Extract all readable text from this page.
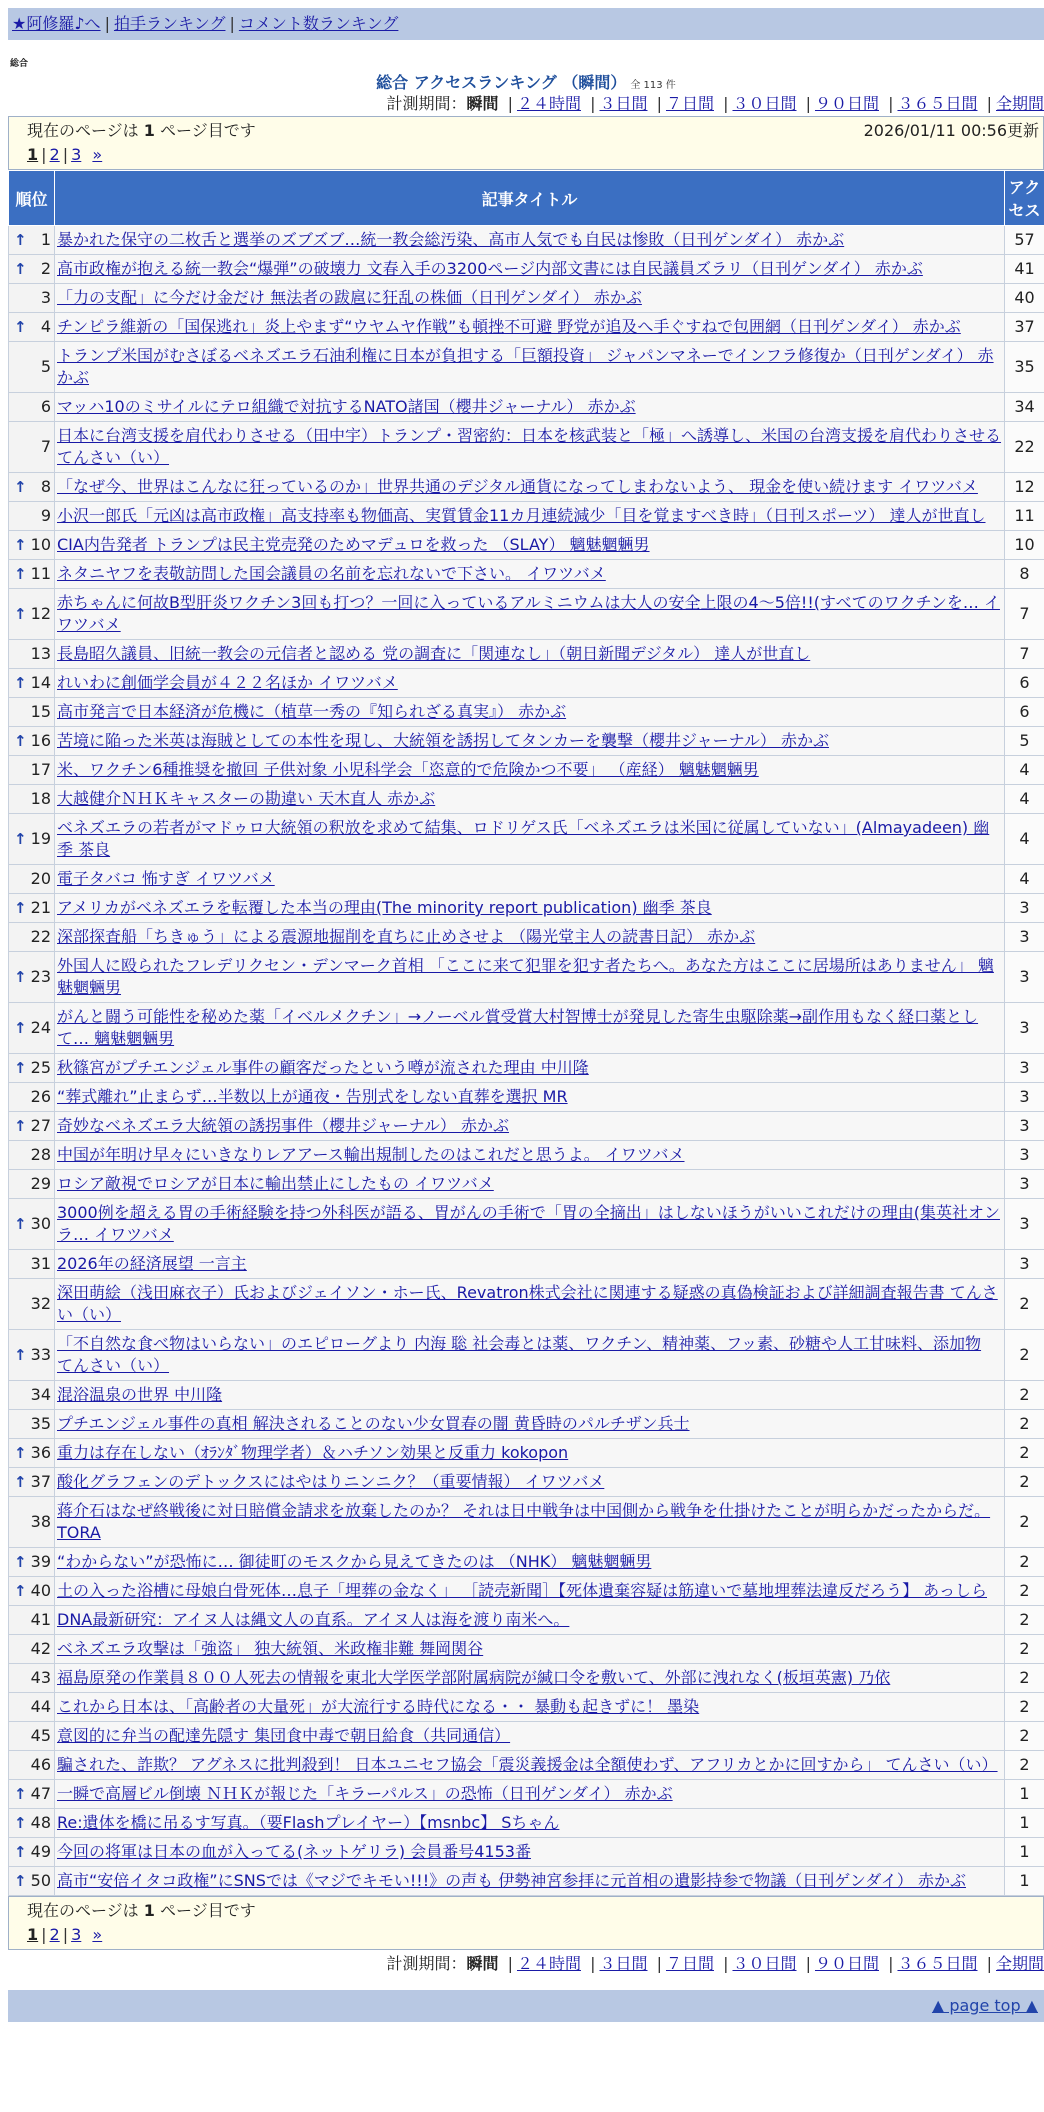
★阿修羅♪へ | 拍手ランキング | コメント数ランキング
総合
総合 アクセスランキング （瞬間） 全 113 件
計測期間：瞬間 | ２４時間 | ３日間 | ７日間 | ３０日間 | ９０日間 | ３６５日間 | 全期間
現在のページは 1 ページ目です	2026/01/11 00:56更新
1 | 2 | 3 »
順位	記事タイトル	アクセス

↑ 1	暴かれた保守の二枚舌と選挙のズブズブ…統一教会総汚染、高市人気でも自民は惨敗（日刊ゲンダイ） 赤かぶ	57

↑ 2	高市政権が抱える統一教会“爆弾”の破壊力 文春入手の3200ページ内部文書には自民議員ズラリ（日刊ゲンダイ） 赤かぶ	41
3	「力の支配」に今だけ金だけ 無法者の跋扈に狂乱の株価（日刊ゲンダイ） 赤かぶ	40

↑ 4	チンピラ維新の「国保逃れ」炎上やまず“ウヤムヤ作戦”も頓挫不可避 野党が追及へ手ぐすねで包囲網（日刊ゲンダイ） 赤かぶ	37
5	トランプ米国がむさぼるベネズエラ石油利権に日本が負担する「巨額投資」 ジャパンマネーでインフラ修復か（日刊ゲンダイ） 赤かぶ	35
6	マッハ10のミサイルにテロ組織で対抗するNATO諸国（櫻井ジャーナル） 赤かぶ	34
7	日本に台湾支援を肩代わりさせる（田中宇）トランプ・習密約：日本を核武装と「極」へ誘導し、米国の台湾支援を肩代わりさせる てんさい（い）	22

↑ 8	「なぜ今、世界はこんなに狂っているのか」世界共通のデジタル通貨になってしまわないよう、 現金を使い続けます イワツバメ	12
9	小沢一郎氏「元凶は高市政権」高支持率も物価高、実質賃金11カ月連続減少「目を覚ますべき時」（日刊スポーツ） 達人が世直し	11

↑ 10	CIA内告発者 トランプは民主党売発のためマデュロを救った （SLAY） 魑魅魍魎男	10

↑ 11	ネタニヤフを表敬訪問した国会議員の名前を忘れないで下さい。 イワツバメ	8

↑ 12	赤ちゃんに何故B型肝炎ワクチン3回も打つ？一回に入っているアルミニウムは大人の安全上限の4～5倍!!(すべてのワクチンを… イワツバメ	7
13	長島昭久議員、旧統一教会の元信者と認める 党の調査に「関連なし」（朝日新聞デジタル） 達人が世直し	7

↑ 14	れいわに創価学会員が４２２名ほか イワツバメ	6
15	高市発言で日本経済が危機に（植草一秀の『知られざる真実』） 赤かぶ	6

↑ 16	苦境に陥った米英は海賊としての本性を現し、大統領を誘拐してタンカーを襲撃（櫻井ジャーナル） 赤かぶ	5
17	米、ワクチン6種推奨を撤回 子供対象 小児科学会「恣意的で危険かつ不要」 （産経） 魑魅魍魎男	4
18	大越健介ＮＨＫキャスターの勘違い 天木直人 赤かぶ	4

↑ 19	ベネズエラの若者がマドゥロ大統領の釈放を求めて結集、ロドリゲス氏「ベネズエラは米国に従属していない」(Almayadeen) 幽季 茶良	4
20	電子タバコ 怖すぎ イワツバメ	4

↑ 21	アメリカがベネズエラを転覆した本当の理由(The minority report publication) 幽季 茶良	3
22	深部探査船「ちきゅう」による震源地掘削を直ちに止めさせよ （陽光堂主人の読書日記） 赤かぶ	3

↑ 23	外国人に殴られたフレデリクセン・デンマーク首相 「ここに来て犯罪を犯す者たちへ。あなた方はここに居場所はありません」 魑魅魍魎男	3

↑ 24	がんと闘う可能性を秘めた薬「イベルメクチン」→ノーベル賞受賞大村智博士が発見した寄生虫駆除薬→副作用もなく経口薬として… 魑魅魍魎男	3

↑ 25	秋篠宮がプチエンジェル事件の顧客だったという噂が流された理由 中川隆	3
26	“葬式離れ”止まらず…半数以上が通夜・告別式をしない直葬を選択 MR	3

↑ 27	奇妙なベネズエラ大統領の誘拐事件（櫻井ジャーナル） 赤かぶ	3
28	中国が年明け早々にいきなりレアアース輸出規制したのはこれだと思うよ。 イワツバメ	3
29	ロシア敵視でロシアが日本に輸出禁止にしたもの イワツバメ	3

↑ 30	3000例を超える胃の手術経験を持つ外科医が語る、胃がんの手術で「胃の全摘出」はしないほうがいいこれだけの理由(集英社オンラ… イワツバメ	3
31	2026年の経済展望 一言主	3
32	深田萌絵（浅田麻衣子）氏およびジェイソン・ホー氏、Revatron株式会社に関連する疑惑の真偽検証および詳細調査報告書 てんさい（い）	2

↑ 33	「不自然な食べ物はいらない」のエピローグより 内海 聡 社会毒とは薬、ワクチン、精神薬、フッ素、砂糖や人工甘味料、添加物 てんさい（い）	2
34	混浴温泉の世界 中川隆	2
35	プチエンジェル事件の真相 解決されることのない少女買春の闇 黄昏時のパルチザン兵士	2

↑ 36	重力は存在しない（ｵﾗﾝﾀﾞ物理学者）＆ハチソン効果と反重力 kokopon	2

↑ 37	酸化グラフェンのデトックスにはやはりニンニク？（重要情報） イワツバメ	2
38	蒋介石はなぜ終戦後に対日賠償金請求を放棄したのか？ それは日中戦争は中国側から戦争を仕掛けたことが明らかだったからだ。 TORA	2

↑ 39	“わからない”が恐怖に… 御徒町のモスクから見えてきたのは （NHK） 魑魅魍魎男	2

↑ 40	土の入った浴槽に母娘白骨死体…息子「埋葬の金なく」 ［読売新聞］【死体遺棄容疑は筋違いで墓地埋葬法違反だろう】 あっしら	2
41	DNA最新研究：アイヌ人は縄文人の直系。アイヌ人は海を渡り南米へ。	2
42	ベネズエラ攻撃は「強盗」 独大統領、米政権非難 舞岡関谷	2
43	福島原発の作業員８００人死去の情報を東北大学医学部附属病院が緘口令を敷いて、外部に洩れなく(板垣英憲) 乃依	2
44	これから日本は、「高齢者の大量死」が大流行する時代になる・・ 暴動も起きずに！ 墨染	2
45	意図的に弁当の配達先隠す 集団食中毒で朝日給食（共同通信）	2
46	騙された、詐欺？ アグネスに批判殺到！ 日本ユニセフ協会「震災義援金は全額使わず、アフリカとかに回すから」 てんさい（い）	2

↑ 47	一瞬で高層ビル倒壊 ＮＨＫが報じた「キラーパルス」の恐怖（日刊ゲンダイ） 赤かぶ	1

↑ 48	Re:遺体を橋に吊るす写真。（要Flashプレイヤー）【msnbc】 Sちゃん	1

↑ 49	今回の将軍は日本の血が入ってる(ネットゲリラ) 会員番号4153番	1

↑ 50	高市“安倍イタコ政権”にSNSでは《マジでキモい!!!》の声も 伊勢神宮参拝に元首相の遺影持参で物議（日刊ゲンダイ） 赤かぶ	1
現在のページは 1 ページ目です
1 | 2 | 3 »
計測期間：瞬間 | ２４時間 | ３日間 | ７日間 | ３０日間 | ９０日間 | ３６５日間 | 全期間
▲ page top ▲
